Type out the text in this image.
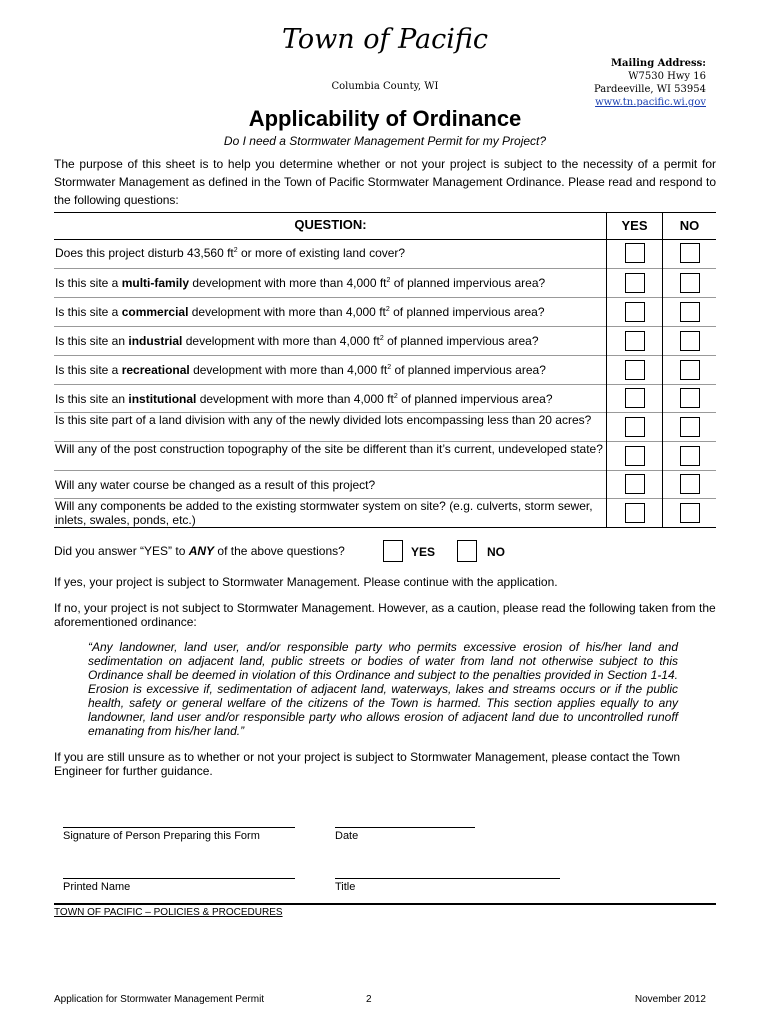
Town of Pacific
Columbia County, WI
Mailing Address:
W7530 Hwy 16
Pardeeville, WI 53954
www.tn.pacific.wi.gov
Applicability of Ordinance
Do I need a Stormwater Management Permit for my Project?
The purpose of this sheet is to help you determine whether or not your project is subject to the necessity of a permit for Stormwater Management as defined in the Town of Pacific Stormwater Management Ordinance. Please read and respond to the following questions:
QUESTION:	YES	NO
Does this project disturb 43,560 $ft^2$ or more of existing land cover?
Is this site a multi-family development with more than 4,000 $ft^2$ of planned impervious area?
Is this site a commercial development with more than 4,000 $ft^2$ of planned impervious area?
Is this site an industrial development with more than 4,000 $ft^2$ of planned impervious area?
Is this site a recreational development with more than 4,000 $ft^2$ of planned impervious area?
Is this site an institutional development with more than 4,000 $ft^2$ of planned impervious area?
Is this site part of a land division with any of the newly divided lots encompassing less than 20 acres?
Will any of the post construction topography of the site be different than it’s current, undeveloped state?
Will any water course be changed as a result of this project?
Will any components be added to the existing stormwater system on site? (e.g. culverts, storm sewer, inlets, swales, ponds, etc.)
Did you answer “YES” to ANY of the above questions?	YES	NO
If yes, your project is subject to Stormwater Management. Please continue with the application.
If no, your project is not subject to Stormwater Management. However, as a caution, please read the following taken from the aforementioned ordinance:
“Any landowner, land user, and/or responsible party who permits excessive erosion of his/her land and sedimentation on adjacent land, public streets or bodies of water from land not otherwise subject to this Ordinance shall be deemed in violation of this Ordinance and subject to the penalties provided in Section 1-14. Erosion is excessive if, sedimentation of adjacent land, waterways, lakes and streams occurs or if the public health, safety or general welfare of the citizens of the Town is harmed. This section applies equally to any landowner, land user and/or responsible party who allows erosion of adjacent land due to uncontrolled runoff emanating from his/her land.”
If you are still unsure as to whether or not your project is subject to Stormwater Management, please contact the Town Engineer for further guidance.
Signature of Person Preparing this Form	Date
Printed Name	Title
TOWN OF PACIFIC – POLICIES & PROCEDURES
Application for Stormwater Management Permit	2	November 2012
